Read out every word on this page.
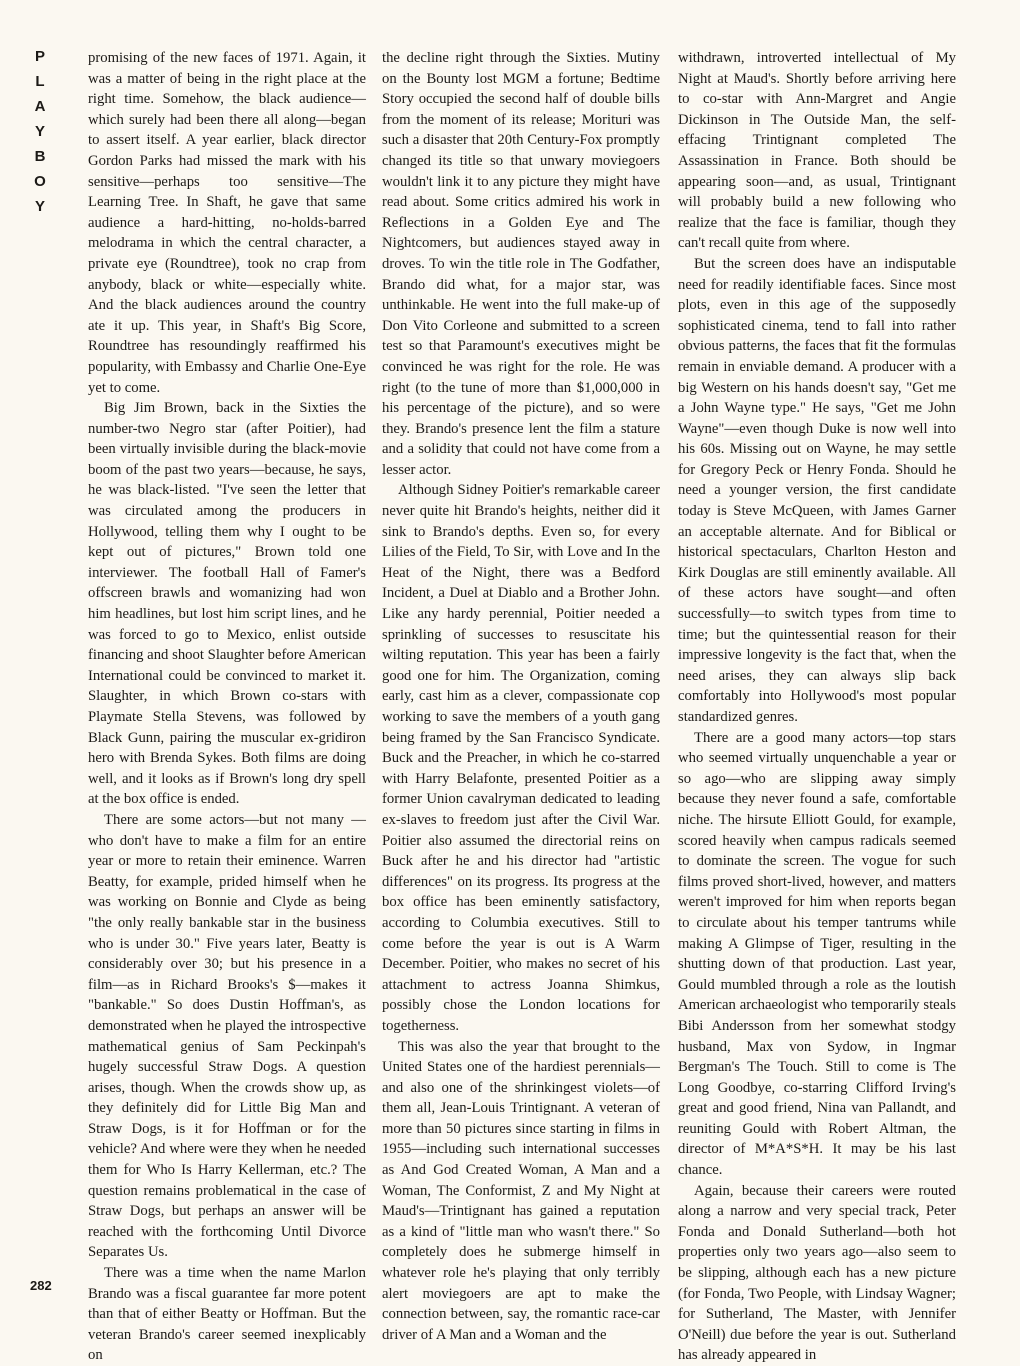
P
L
A
Y
B
O
Y
282

promising of the new faces of 1971. Again, it was a matter of being in the right place at the right time. Somehow, the black audience—which surely had been there all along—began to assert itself. A year earlier, black director Gordon Parks had missed the mark with his sensitive—perhaps too sensitive—The Learning Tree. In Shaft, he gave that same audience a hard-hitting, no-holds-barred melodrama in which the central character, a private eye (Roundtree), took no crap from anybody, black or white—especially white. And the black audiences around the country ate it up. This year, in Shaft's Big Score, Roundtree has resoundingly reaffirmed his popularity, with Embassy and Charlie One-Eye yet to come.

Big Jim Brown, back in the Sixties the number-two Negro star (after Poitier), had been virtually invisible during the black-movie boom of the past two years—because, he says, he was black-listed. "I've seen the letter that was circulated among the producers in Hollywood, telling them why I ought to be kept out of pictures," Brown told one interviewer. The football Hall of Famer's offscreen brawls and womanizing had won him headlines, but lost him script lines, and he was forced to go to Mexico, enlist outside financing and shoot Slaughter before American International could be convinced to market it. Slaughter, in which Brown co-stars with Playmate Stella Stevens, was followed by Black Gunn, pairing the muscular ex-gridiron hero with Brenda Sykes. Both films are doing well, and it looks as if Brown's long dry spell at the box office is ended.

There are some actors—but not many —who don't have to make a film for an entire year or more to retain their eminence. Warren Beatty, for example, prided himself when he was working on Bonnie and Clyde as being "the only really bankable star in the business who is under 30." Five years later, Beatty is considerably over 30; but his presence in a film—as in Richard Brooks's $—makes it "bankable." So does Dustin Hoffman's, as demonstrated when he played the introspective mathematical genius of Sam Peckinpah's hugely successful Straw Dogs. A question arises, though. When the crowds show up, as they definitely did for Little Big Man and Straw Dogs, is it for Hoffman or for the vehicle? And where were they when he needed them for Who Is Harry Kellerman, etc.? The question remains problematical in the case of Straw Dogs, but perhaps an answer will be reached with the forthcoming Until Divorce Separates Us.

There was a time when the name Marlon Brando was a fiscal guarantee far more potent than that of either Beatty or Hoffman. But the veteran Brando's career seemed inexplicably on

the decline right through the Sixties. Mutiny on the Bounty lost MGM a fortune; Bedtime Story occupied the second half of double bills from the moment of its release; Morituri was such a disaster that 20th Century-Fox promptly changed its title so that unwary moviegoers wouldn't link it to any picture they might have read about. Some critics admired his work in Reflections in a Golden Eye and The Nightcomers, but audiences stayed away in droves. To win the title role in The Godfather, Brando did what, for a major star, was unthinkable. He went into the full make-up of Don Vito Corleone and submitted to a screen test so that Paramount's executives might be convinced he was right for the role. He was right (to the tune of more than $1,000,000 in his percentage of the picture), and so were they. Brando's presence lent the film a stature and a solidity that could not have come from a lesser actor.

Although Sidney Poitier's remarkable career never quite hit Brando's heights, neither did it sink to Brando's depths. Even so, for every Lilies of the Field, To Sir, with Love and In the Heat of the Night, there was a Bedford Incident, a Duel at Diablo and a Brother John. Like any hardy perennial, Poitier needed a sprinkling of successes to resuscitate his wilting reputation. This year has been a fairly good one for him. The Organization, coming early, cast him as a clever, compassionate cop working to save the members of a youth gang being framed by the San Francisco Syndicate. Buck and the Preacher, in which he co-starred with Harry Belafonte, presented Poitier as a former Union cavalryman dedicated to leading ex-slaves to freedom just after the Civil War. Poitier also assumed the directorial reins on Buck after he and his director had "artistic differences" on its progress. Its progress at the box office has been eminently satisfactory, according to Columbia executives. Still to come before the year is out is A Warm December. Poitier, who makes no secret of his attachment to actress Joanna Shimkus, possibly chose the London locations for togetherness.

This was also the year that brought to the United States one of the hardiest perennials—and also one of the shrinkingest violets—of them all, Jean-Louis Trintignant. A veteran of more than 50 pictures since starting in films in 1955—including such international successes as And God Created Woman, A Man and a Woman, The Conformist, Z and My Night at Maud's—Trintignant has gained a reputation as a kind of "little man who wasn't there." So completely does he submerge himself in whatever role he's playing that only terribly alert moviegoers are apt to make the connection between, say, the romantic race-car driver of A Man and a Woman and the

withdrawn, introverted intellectual of My Night at Maud's. Shortly before arriving here to co-star with Ann-Margret and Angie Dickinson in The Outside Man, the self-effacing Trintignant completed The Assassination in France. Both should be appearing soon—and, as usual, Trintignant will probably build a new following who realize that the face is familiar, though they can't recall quite from where.

But the screen does have an indisputable need for readily identifiable faces. Since most plots, even in this age of the supposedly sophisticated cinema, tend to fall into rather obvious patterns, the faces that fit the formulas remain in enviable demand. A producer with a big Western on his hands doesn't say, "Get me a John Wayne type." He says, "Get me John Wayne"—even though Duke is now well into his 60s. Missing out on Wayne, he may settle for Gregory Peck or Henry Fonda. Should he need a younger version, the first candidate today is Steve McQueen, with James Garner an acceptable alternate. And for Biblical or historical spectaculars, Charlton Heston and Kirk Douglas are still eminently available. All of these actors have sought—and often successfully—to switch types from time to time; but the quintessential reason for their impressive longevity is the fact that, when the need arises, they can always slip back comfortably into Hollywood's most popular standardized genres.

There are a good many actors—top stars who seemed virtually unquenchable a year or so ago—who are slipping away simply because they never found a safe, comfortable niche. The hirsute Elliott Gould, for example, scored heavily when campus radicals seemed to dominate the screen. The vogue for such films proved short-lived, however, and matters weren't improved for him when reports began to circulate about his temper tantrums while making A Glimpse of Tiger, resulting in the shutting down of that production. Last year, Gould mumbled through a role as the loutish American archaeologist who temporarily steals Bibi Andersson from her somewhat stodgy husband, Max von Sydow, in Ingmar Bergman's The Touch. Still to come is The Long Goodbye, co-starring Clifford Irving's great and good friend, Nina van Pallandt, and reuniting Gould with Robert Altman, the director of M*A*S*H. It may be his last chance.

Again, because their careers were routed along a narrow and very special track, Peter Fonda and Donald Sutherland—both hot properties only two years ago—also seem to be slipping, although each has a new picture (for Fonda, Two People, with Lindsay Wagner; for Sutherland, The Master, with Jennifer O'Neill) due before the year is out. Sutherland has already appeared in
